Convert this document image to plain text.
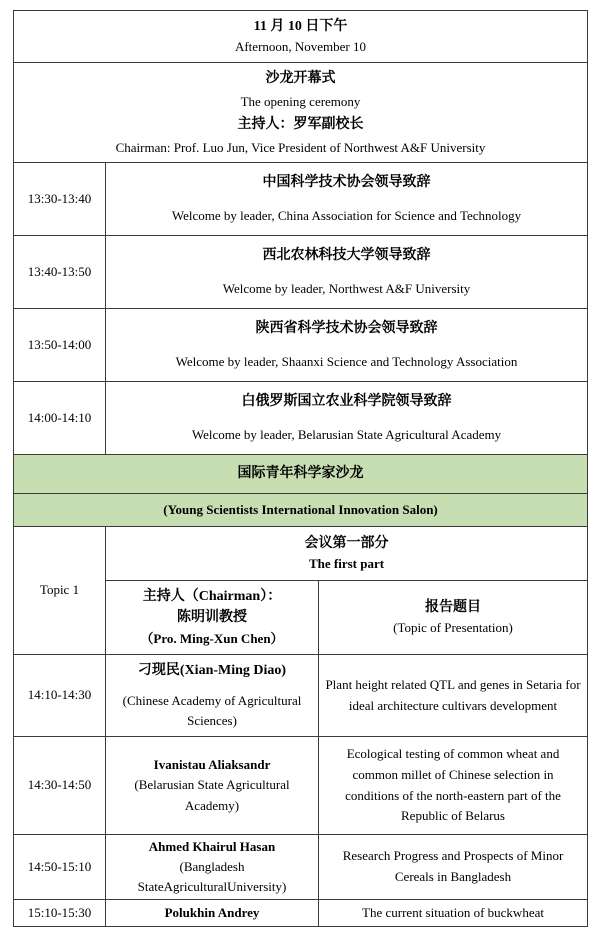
11 月 10 日下午
Afternoon, November 10		

沙龙开幕式
The opening ceremony
主持人：罗军副校长
Chairman: Prof. Luo Jun, Vice President of Northwest A&F University		

13:30-13:40	中国科学技术协会领导致辞
Welcome by leader, China Association for Science and Technology	

13:40-13:50	西北农林科技大学领导致辞
Welcome by leader, Northwest A&F University	

13:50-14:00	陕西省科学技术协会领导致辞
Welcome by leader, Shaanxi Science and Technology Association	

14:00-14:10	白俄罗斯国立农业科学院领导致辞
Welcome by leader, Belarusian State Agricultural Academy	

国际青年科学家沙龙		

(Young Scientists International Innovation Salon)		

Topic 1	会议第一部分
The first part	

主持人（Chairman）：
陈明训教授
（Pro. Ming-Xun Chen）

报告题目
(Topic of Presentation)

14:10-14:30	刁现民(Xian-Ming Diao)
(Chinese Academy of Agricultural Sciences)	Plant height related QTL and genes in Setaria for ideal architecture cultivars development

14:30-14:50	Ivanistau Aliaksandr
(Belarusian State Agricultural Academy)	Ecological testing of common wheat and common millet of Chinese selection in conditions of the north-eastern part of the Republic of Belarus

14:50-15:10	Ahmed Khairul Hasan
(Bangladesh StateAgriculturalUniversity)	Research Progress and Prospects of Minor Cereals in Bangladesh

15:10-15:30	Polukhin Andrey	The current situation of buckwheat
